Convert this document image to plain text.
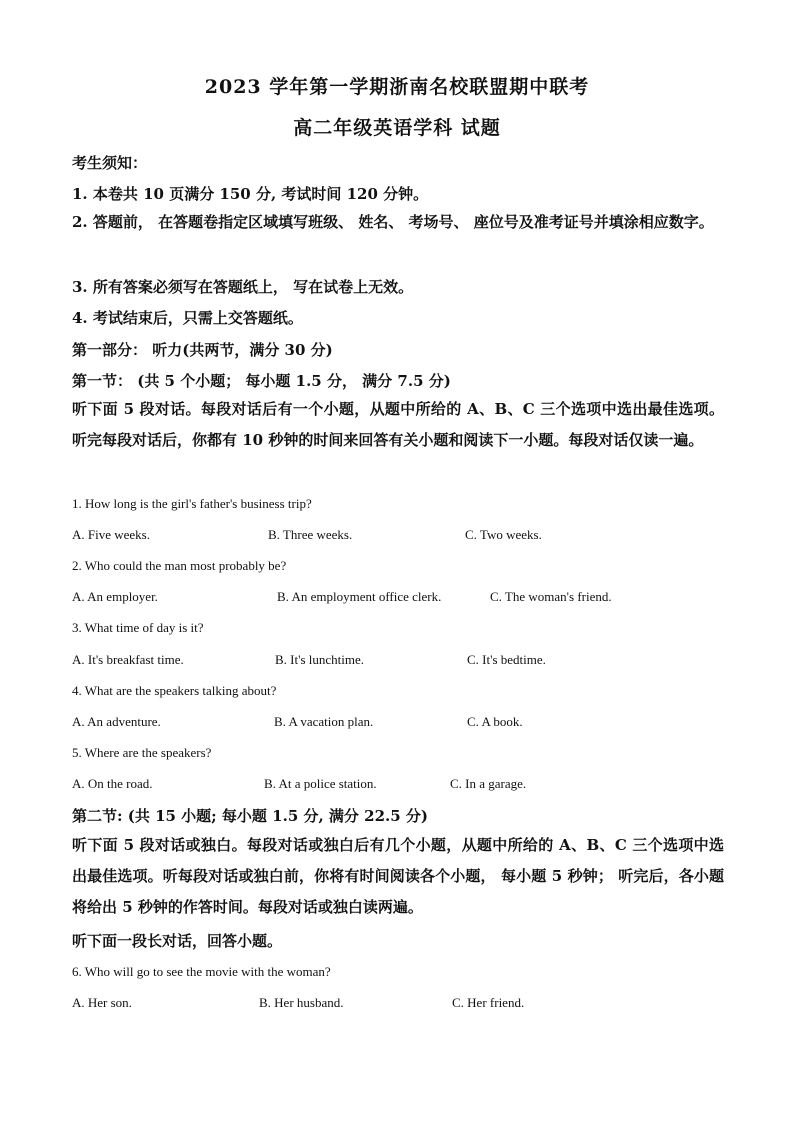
2023 学年第一学期浙南名校联盟期中联考
高二年级英语学科 试题
考生须知：
1. 本卷共 10 页满分 150 分, 考试时间 120 分钟。
2. 答题前， 在答题卷指定区域填写班级、 姓名、 考场号、 座位号及准考证号并填涂相应数字。
3. 所有答案必须写在答题纸上， 写在试卷上无效。
4. 考试结束后，只需上交答题纸。
第一部分： 听力(共两节，满分 30 分)
第一节： (共 5 个小题； 每小题 1.5 分， 满分 7.5 分)
听下面 5 段对话。每段对话后有一个小题，从题中所给的 A、B、C 三个选项中选出最佳选项。听完每段对话后，你都有 10 秒钟的时间来回答有关小题和阅读下一小题。每段对话仅读一遍。
1. How long is the girl's father's business trip?
A. Five weeks.	B. Three weeks.	C. Two weeks.
2. Who could the man most probably be?
A. An employer.	B. An employment office clerk.	C. The woman's friend.
3. What time of day is it?
A. It's breakfast time.	B. It's lunchtime.	C. It's bedtime.
4. What are the speakers talking about?
A. An adventure.	B. A vacation plan.	C. A book.
5. Where are the speakers?
A. On the road.	B. At a police station.	C. In a garage.
第二节: (共 15 小题; 每小题 1.5 分, 满分 22.5 分)
听下面 5 段对话或独白。每段对话或独白后有几个小题，从题中所给的 A、B、C 三个选项中选出最佳选项。听每段对话或独白前，你将有时间阅读各个小题， 每小题 5 秒钟； 听完后，各小题将给出 5 秒钟的作答时间。每段对话或独白读两遍。
听下面一段长对话，回答小题。
6. Who will go to see the movie with the woman?
A. Her son.	B. Her husband.	C. Her friend.
